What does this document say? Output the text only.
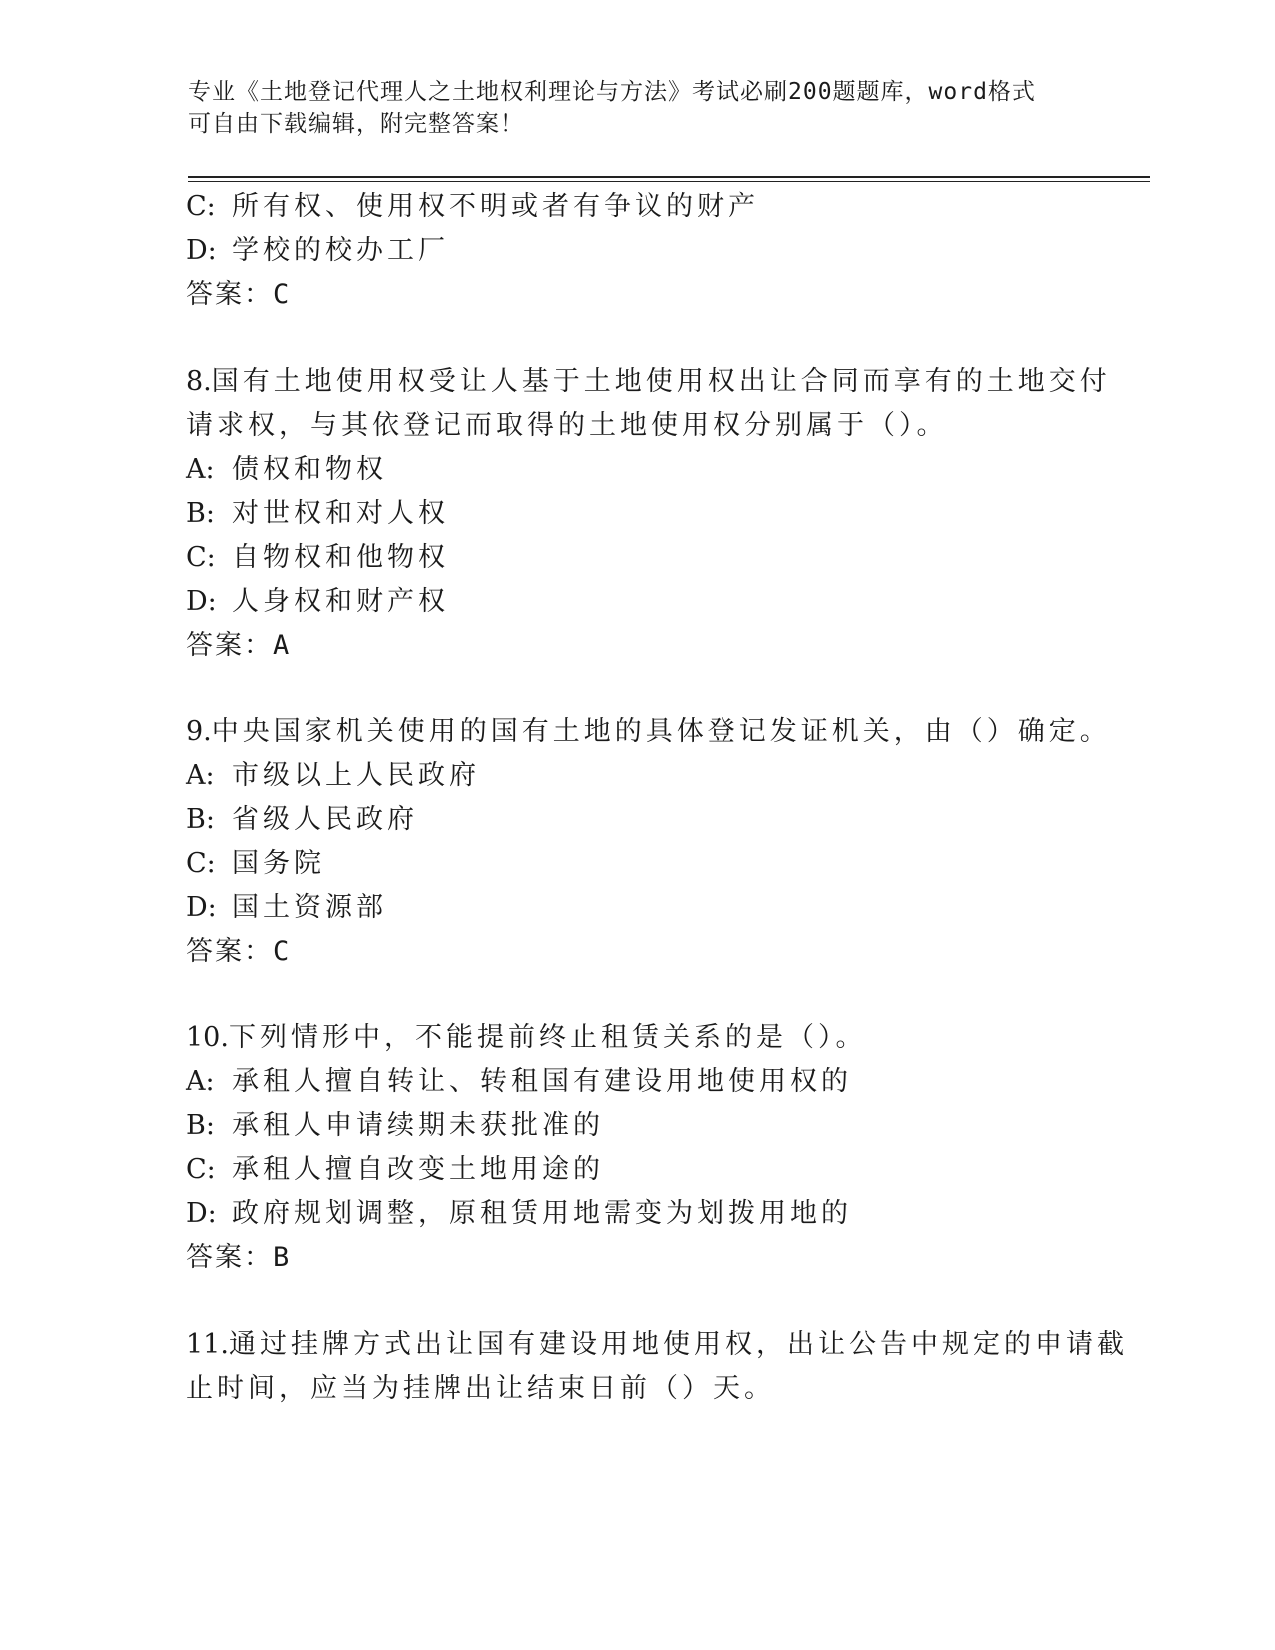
专业《土地登记代理人之土地权利理论与方法》考试必刷200题题库，word格式
可自由下载编辑，附完整答案！
C: 所有权、使用权不明或者有争议的财产
D: 学校的校办工厂
答案：C
8.国有土地使用权受让人基于土地使用权出让合同而享有的土地交付
请求权，与其依登记而取得的土地使用权分别属于（）。
A: 债权和物权
B: 对世权和对人权
C: 自物权和他物权
D: 人身权和财产权
答案：A
9.中央国家机关使用的国有土地的具体登记发证机关，由（）确定。
A: 市级以上人民政府
B: 省级人民政府
C: 国务院
D: 国土资源部
答案：C
10.下列情形中，不能提前终止租赁关系的是（）。
A: 承租人擅自转让、转租国有建设用地使用权的
B: 承租人申请续期未获批准的
C: 承租人擅自改变土地用途的
D: 政府规划调整，原租赁用地需变为划拨用地的
答案：B
11.通过挂牌方式出让国有建设用地使用权，出让公告中规定的申请截
止时间，应当为挂牌出让结束日前（）天。
